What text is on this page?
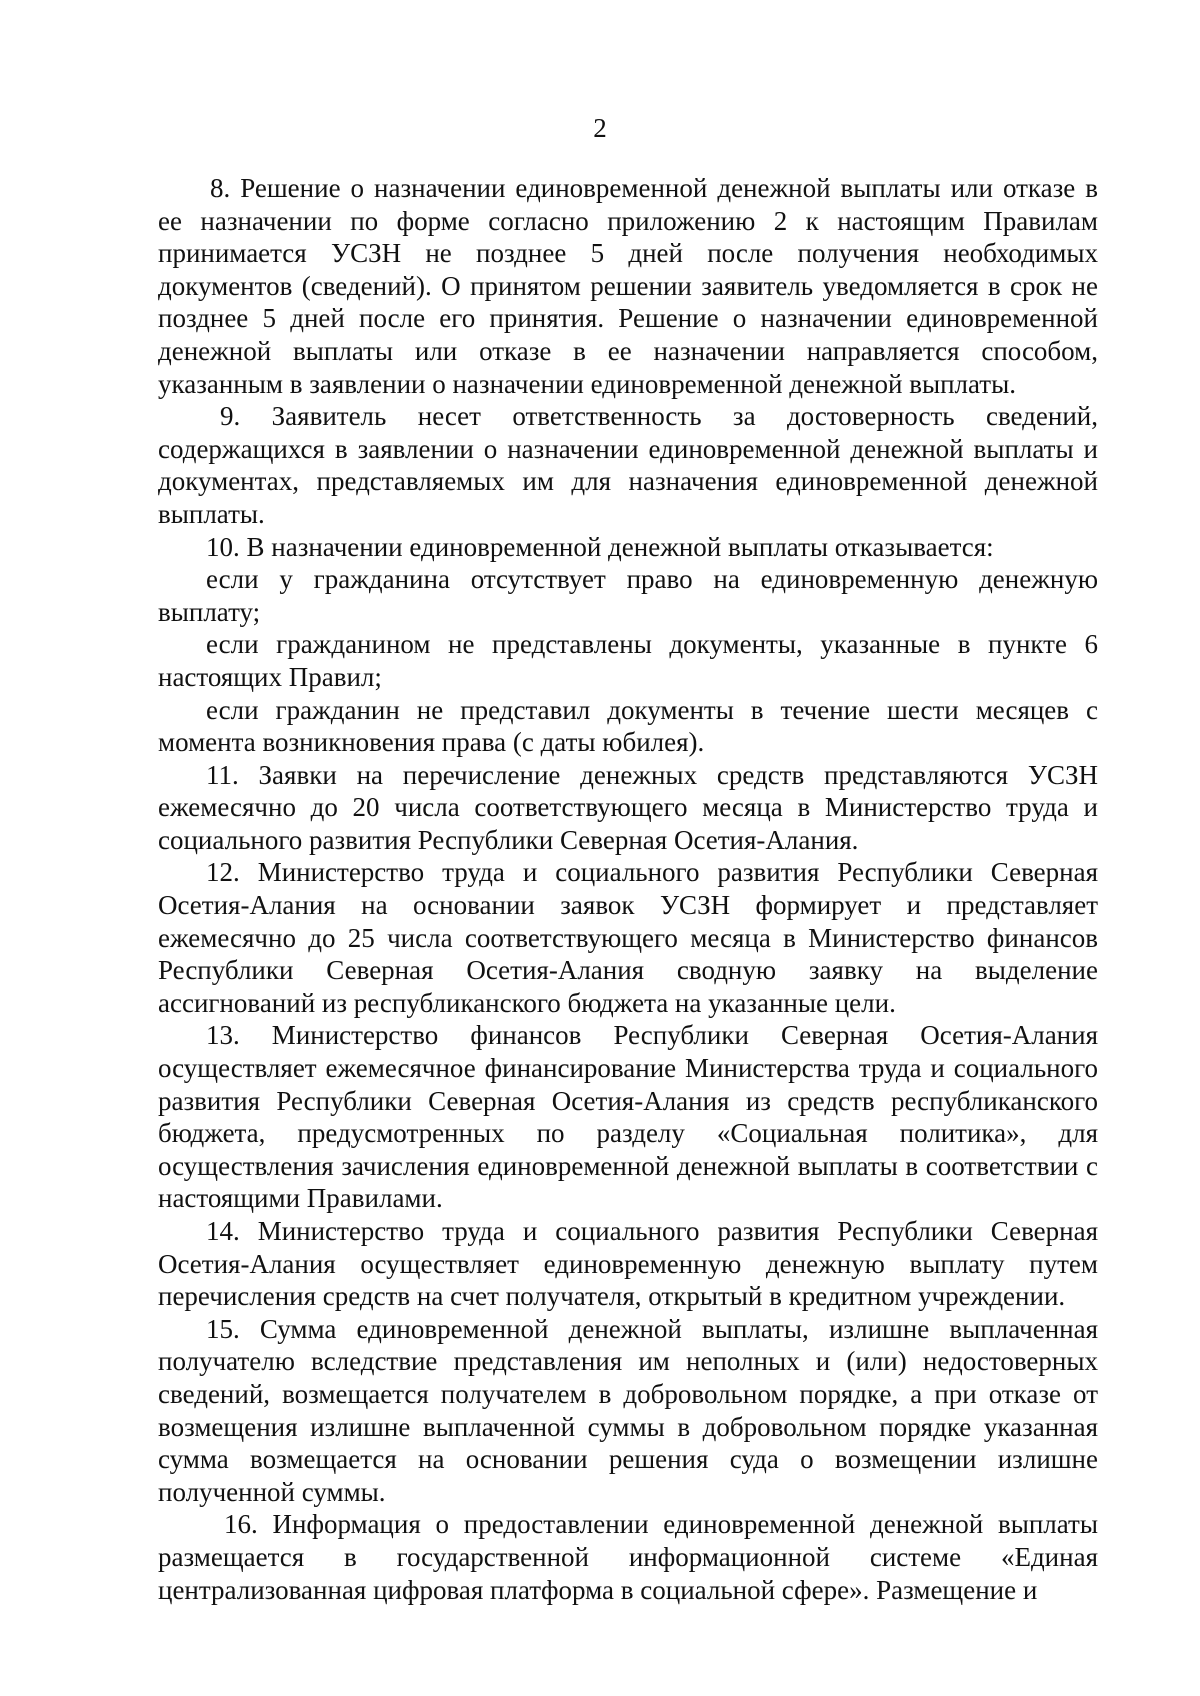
2

8. Решение о назначении единовременной денежной выплаты или отказе в ее назначении по форме согласно приложению 2 к настоящим Правилам принимается УСЗН не позднее 5 дней после получения необходимых документов (сведений). О принятом решении заявитель уведомляется в срок не позднее 5 дней после его принятия. Решение о назначении единовременной денежной выплаты или отказе в ее назначении направляется способом, указанным в заявлении о назначении единовременной денежной выплаты.

9. Заявитель несет ответственность за достоверность сведений, содержащихся в заявлении о назначении единовременной денежной выплаты и документах, представляемых им для назначения единовременной денежной выплаты.

10. В назначении единовременной денежной выплаты отказывается:

если у гражданина отсутствует право на единовременную денежную выплату;

если гражданином не представлены документы, указанные в пункте 6 настоящих Правил;

если гражданин не представил документы в течение шести месяцев с момента возникновения права (с даты юбилея).

11. Заявки на перечисление денежных средств представляются УСЗН ежемесячно до 20 числа соответствующего месяца в Министерство труда и социального развития Республики Северная Осетия-Алания.

12. Министерство труда и социального развития Республики Северная Осетия-Алания на основании заявок УСЗН формирует и представляет ежемесячно до 25 числа соответствующего месяца в Министерство финансов Республики Северная Осетия-Алания сводную заявку на выделение ассигнований из республиканского бюджета на указанные цели.

13. Министерство финансов Республики Северная Осетия-Алания осуществляет ежемесячное финансирование Министерства труда и социального развития Республики Северная Осетия-Алания из средств республиканского бюджета, предусмотренных по разделу «Социальная политика», для осуществления зачисления единовременной денежной выплаты в соответствии с настоящими Правилами.

14. Министерство труда и социального развития Республики Северная Осетия-Алания осуществляет единовременную денежную выплату путем перечисления средств на счет получателя, открытый в кредитном учреждении.

15. Сумма единовременной денежной выплаты, излишне выплаченная получателю вследствие представления им неполных и (или) недостоверных сведений, возмещается получателем в добровольном порядке, а при отказе от возмещения излишне выплаченной суммы в добровольном порядке указанная сумма возмещается на основании решения суда о возмещении излишне полученной суммы.

16. Информация о предоставлении единовременной денежной выплаты размещается в государственной информационной системе «Единая централизованная цифровая платформа в социальной сфере». Размещение и
